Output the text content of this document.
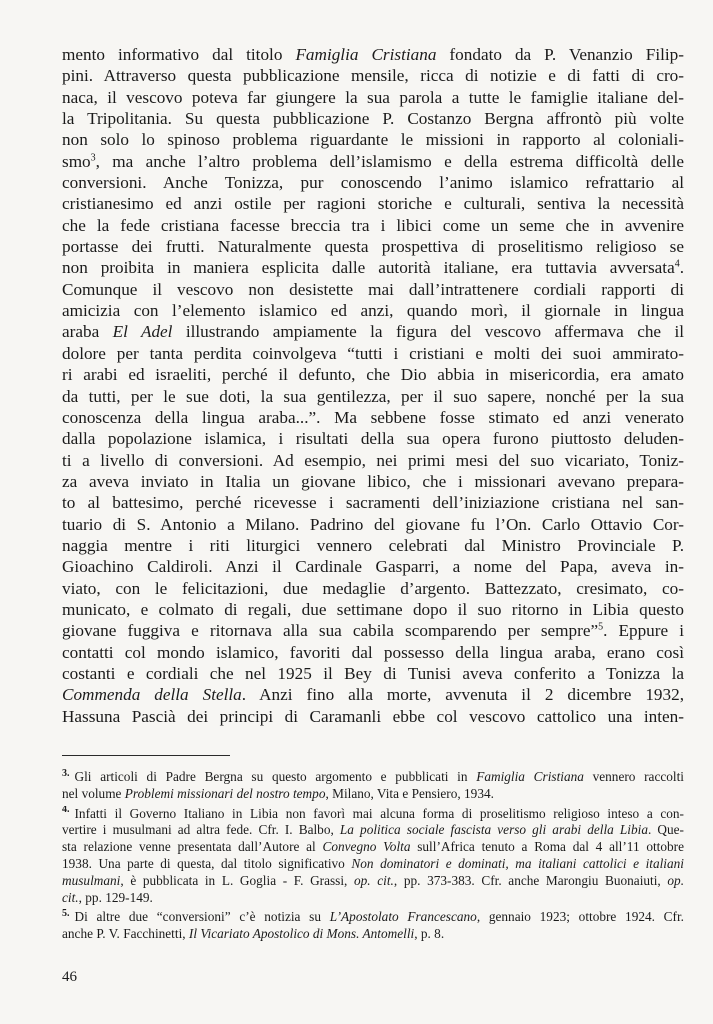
mento informativo dal titolo Famiglia Cristiana fondato da P. Venanzio Filip-
pini. Attraverso questa pubblicazione mensile, ricca di notizie e di fatti di cro-
naca, il vescovo poteva far giungere la sua parola a tutte le famiglie italiane del-
la Tripolitania. Su questa pubblicazione P. Costanzo Bergna affrontò più volte
non solo lo spinoso problema riguardante le missioni in rapporto al coloniali-
smo$^3$, ma anche l’altro problema dell’islamismo e della estrema difficoltà delle
conversioni. Anche Tonizza, pur conoscendo l’animo islamico refrattario al
cristianesimo ed anzi ostile per ragioni storiche e culturali, sentiva la necessità
che la fede cristiana facesse breccia tra i libici come un seme che in avvenire
portasse dei frutti. Naturalmente questa prospettiva di proselitismo religioso se
non proibita in maniera esplicita dalle autorità italiane, era tuttavia avversata$^4$.
Comunque il vescovo non desistette mai dall’intrattenere cordiali rapporti di
amicizia con l’elemento islamico ed anzi, quando morì, il giornale in lingua
araba El Adel illustrando ampiamente la figura del vescovo affermava che il
dolore per tanta perdita coinvolgeva “tutti i cristiani e molti dei suoi ammirato-
ri arabi ed israeliti, perché il defunto, che Dio abbia in misericordia, era amato
da tutti, per le sue doti, la sua gentilezza, per il suo sapere, nonché per la sua
conoscenza della lingua araba...”. Ma sebbene fosse stimato ed anzi venerato
dalla popolazione islamica, i risultati della sua opera furono piuttosto deluden-
ti a livello di conversioni. Ad esempio, nei primi mesi del suo vicariato, Toniz-
za aveva inviato in Italia un giovane libico, che i missionari avevano prepara-
to al battesimo, perché ricevesse i sacramenti dell’iniziazione cristiana nel san-
tuario di S. Antonio a Milano. Padrino del giovane fu l’On. Carlo Ottavio Cor-
naggia mentre i riti liturgici vennero celebrati dal Ministro Provinciale P.
Gioachino Caldiroli. Anzi il Cardinale Gasparri, a nome del Papa, aveva in-
viato, con le felicitazioni, due medaglie d’argento. Battezzato, cresimato, co-
municato, e colmato di regali, due settimane dopo il suo ritorno in Libia questo
giovane fuggiva e ritornava alla sua cabila scomparendo per sempre”$^5$. Eppure i
contatti col mondo islamico, favoriti dal possesso della lingua araba, erano così
costanti e cordiali che nel 1925 il Bey di Tunisi aveva conferito a Tonizza la
Commenda della Stella. Anzi fino alla morte, avvenuta il 2 dicembre 1932,
Hassuna Pascià dei principi di Caramanli ebbe col vescovo cattolico una inten-
$^{3.}$ Gli articoli di Padre Bergna su questo argomento e pubblicati in Famiglia Cristiana vennero raccolti
nel volume Problemi missionari del nostro tempo, Milano, Vita e Pensiero, 1934.
$^{4.}$ Infatti il Governo Italiano in Libia non favorì mai alcuna forma di proselitismo religioso inteso a con-
vertire i musulmani ad altra fede. Cfr. I. Balbo, La politica sociale fascista verso gli arabi della Libia. Que-
sta relazione venne presentata dall’Autore al Convegno Volta sull’Africa tenuto a Roma dal 4 all’11 ottobre
1938. Una parte di questa, dal titolo significativo Non dominatori e dominati, ma italiani cattolici e italiani
musulmani, è pubblicata in L. Goglia - F. Grassi, op. cit., pp. 373-383. Cfr. anche Marongiu Buonaiuti, op.
cit., pp. 129-149.
$^{5.}$ Di altre due “conversioni” c’è notizia su L’Apostolato Francescano, gennaio 1923; ottobre 1924. Cfr.
anche P. V. Facchinetti, Il Vicariato Apostolico di Mons. Antomelli, p. 8.
46
